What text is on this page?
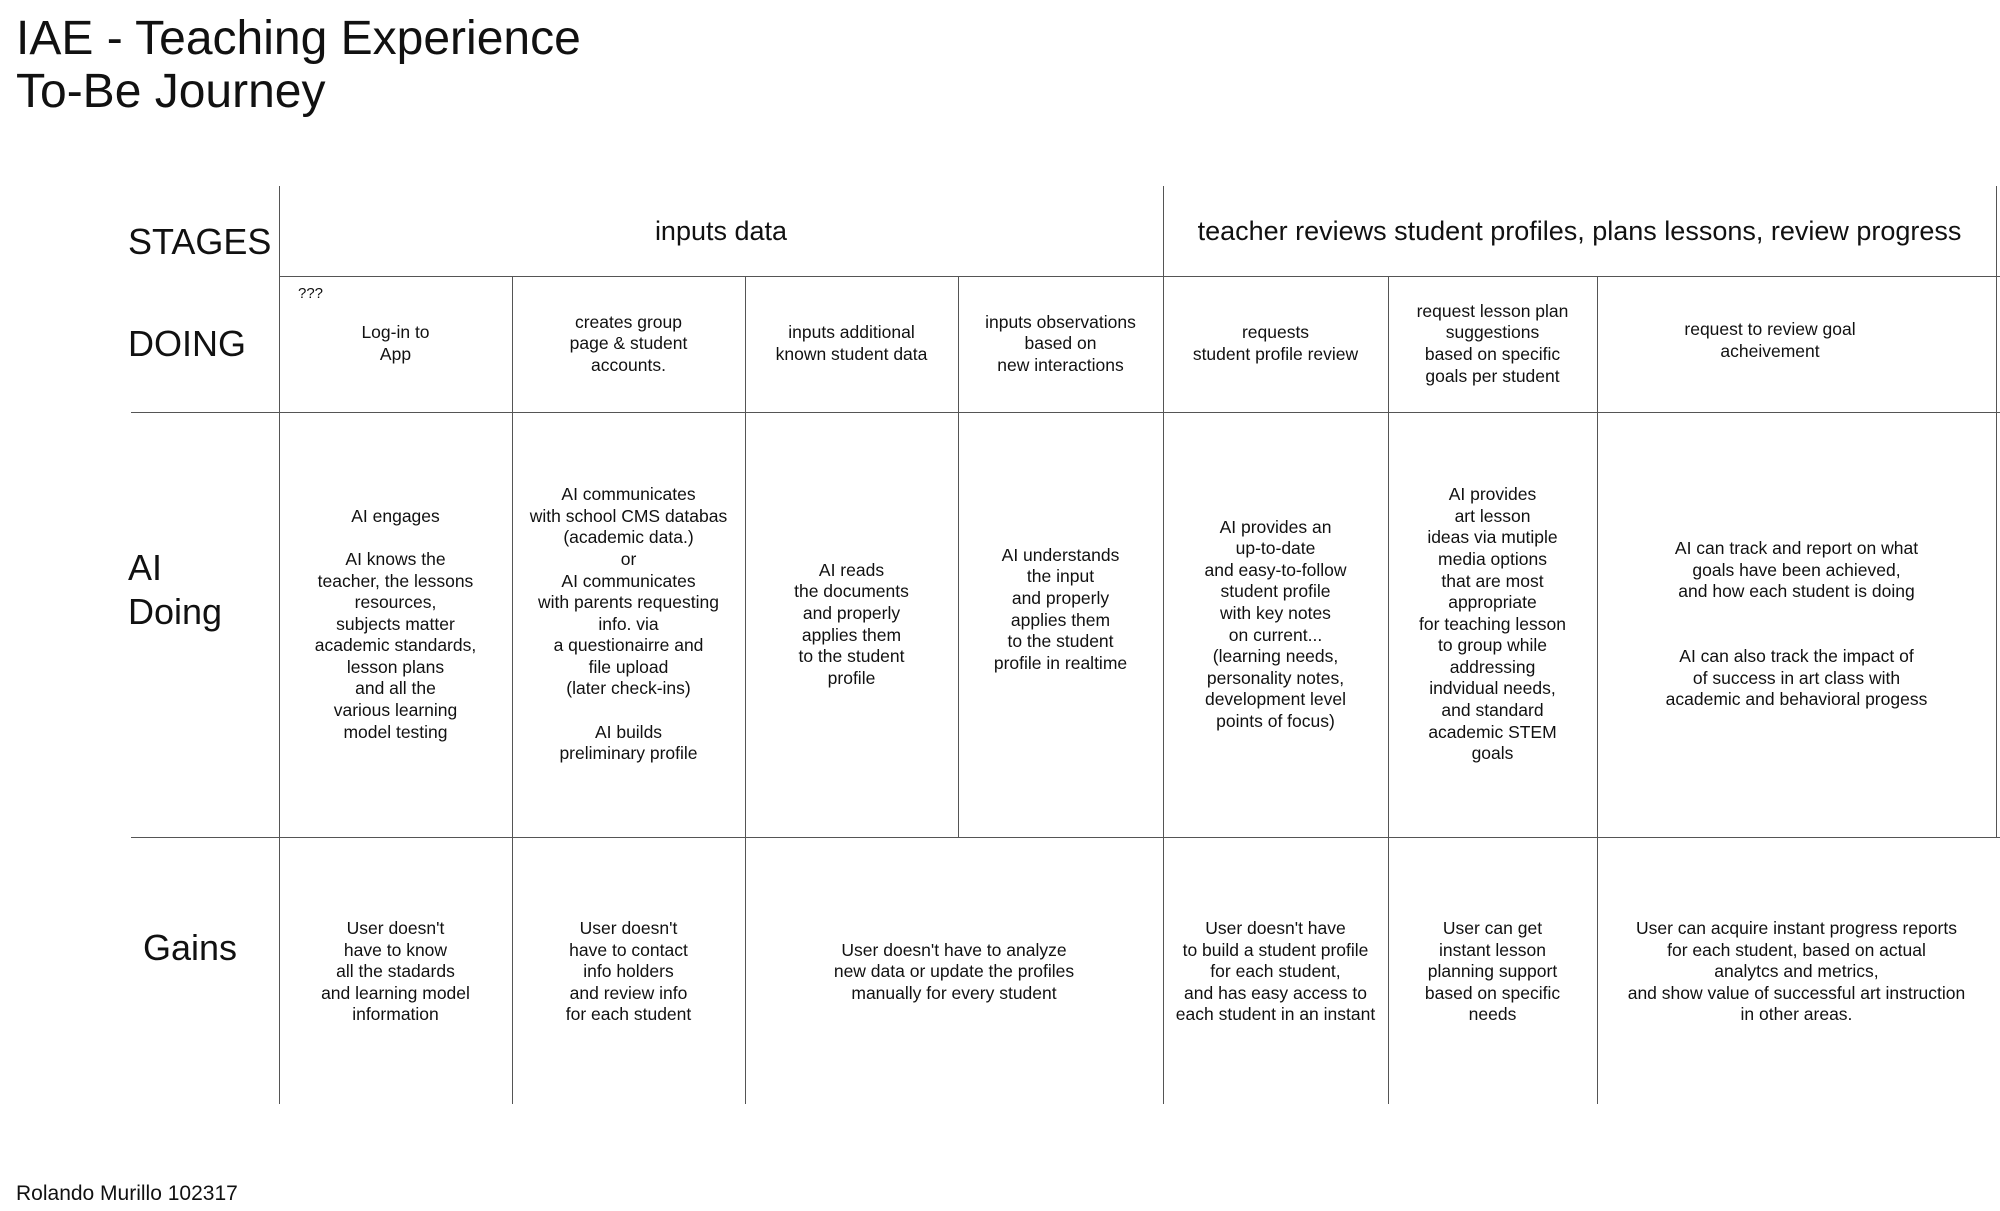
IAE - Teaching Experience
To-Be Journey
STAGES
DOING
AI
Doing
Gains
inputs data	teacher reviews student profiles, plans lessons, review progress
???
Log-in to
App
creates group
page & student
accounts.
inputs additional
known student data
inputs observations
based on
new interactions
requests
student profile review
request lesson plan
suggestions
based on specific
goals per student
request to review goal
acheivement
AI engages

AI knows the
teacher, the lessons
resources,
subjects matter
academic standards,
lesson plans
and all the
various learning
model testing
AI communicates
with school CMS databas
(academic data.)
or
AI communicates
with parents requesting
info. via
a questionairre and
file upload
(later check-ins)

AI builds
preliminary profile
AI reads
the documents
and properly
applies them
to the student
profile
AI understands
the input
and properly
applies them
to the student
profile in realtime
AI provides an
up-to-date
and easy-to-follow
student profile
with key notes
on current...
(learning needs,
personality notes,
development level
points of focus)
AI provides
art lesson
ideas via mutiple
media options
that are most
appropriate
for teaching lesson
to group while
addressing
indvidual needs,
and standard
academic STEM
goals
AI can track and report on what
goals have been achieved,
and how each student is doing

AI can also track the impact of
of success in art class with
academic and behavioral progess
User doesn't
have to know
all the stadards
and learning model
information
User doesn't
have to contact
info holders
and review info
for each student
User doesn't have to analyze
new data or update the profiles
manually for every student
User doesn't have
to build a student profile
for each student,
and has easy access to
each student in an instant
User can get
instant lesson
planning support
based on specific
needs
User can acquire instant progress reports
for each student, based on actual
analytcs and metrics,
and show value of successful art instruction
in other areas.
Rolando Murillo 102317
